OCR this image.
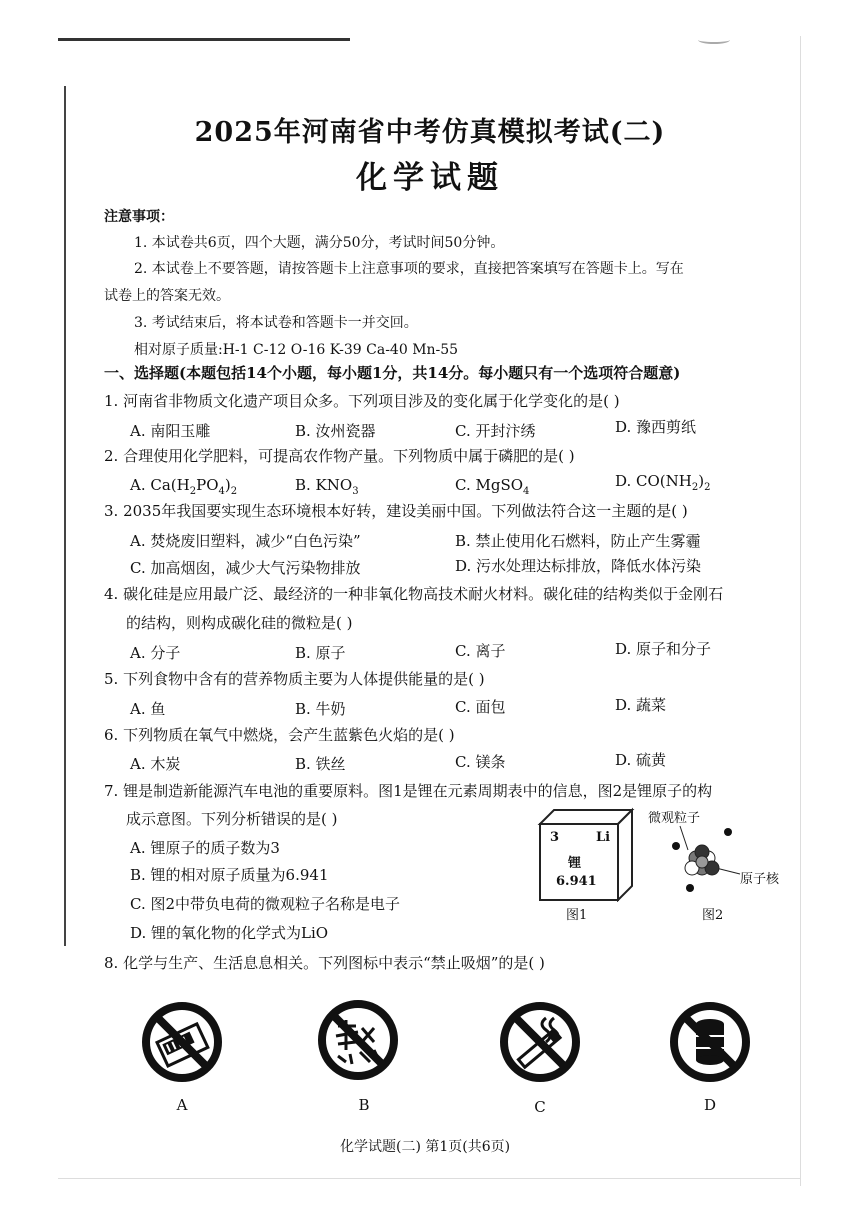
2025年河南省中考仿真模拟考试(二)
化学试题
注意事项：
1. 本试卷共6页，四个大题，满分50分，考试时间50分钟。
2. 本试卷上不要答题，请按答题卡上注意事项的要求，直接把答案填写在答题卡上。写在
试卷上的答案无效。
3. 考试结束后，将本试卷和答题卡一并交回。
相对原子质量:H-1 C-12 O-16 K-39 Ca-40 Mn-55
一、选择题(本题包括14个小题，每小题1分，共14分。每小题只有一个选项符合题意)
1. 河南省非物质文化遗产项目众多。下列项目涉及的变化属于化学变化的是( )
A. 南阳玉雕	B. 汝州瓷器	C. 开封汴绣	D. 豫西剪纸
2. 合理使用化学肥料，可提高农作物产量。下列物质中属于磷肥的是( )
A. $Ca(H_2PO_4)_2$	B. $KNO_3$	C. MgSO$_4$
D. $CO(NH_2)_2$
3. 2035年我国要实现生态环境根本好转，建设美丽中国。下列做法符合这一主题的是( )
A. 焚烧废旧塑料，减少“白色污染”	B. 禁止使用化石燃料，防止产生雾霾
C. 加高烟囱，减少大气污染物排放	D. 污水处理达标排放，降低水体污染
4. 碳化硅是应用最广泛、最经济的一种非氧化物高技术耐火材料。碳化硅的结构类似于金刚石
的结构，则构成碳化硅的微粒是( )
A. 分子	B. 原子	C. 离子	D. 原子和分子
5. 下列食物中含有的营养物质主要为人体提供能量的是( )
A. 鱼	B. 牛奶	C. 面包	D. 蔬菜
6. 下列物质在氧气中燃烧，会产生蓝紫色火焰的是( )
A. 木炭	B. 铁丝	C. 镁条	D. 硫黄
7. 锂是制造新能源汽车电池的重要原料。图1是锂在元素周期表中的信息，图2是锂原子的构
成示意图。下列分析错误的是( )
A. 锂原子的质子数为3
B. 锂的相对原子质量为6.941
C. 图2中带负电荷的微观粒子名称是电子
D. 锂的氧化物的化学式为LiO
3	Li
锂
6.941
图1
微观粒子
原子核
图2
8. 化学与生产、生活息息相关。下列图标中表示“禁止吸烟”的是( )
A	B	C	D
化学试题(二) 第1页(共6页)
